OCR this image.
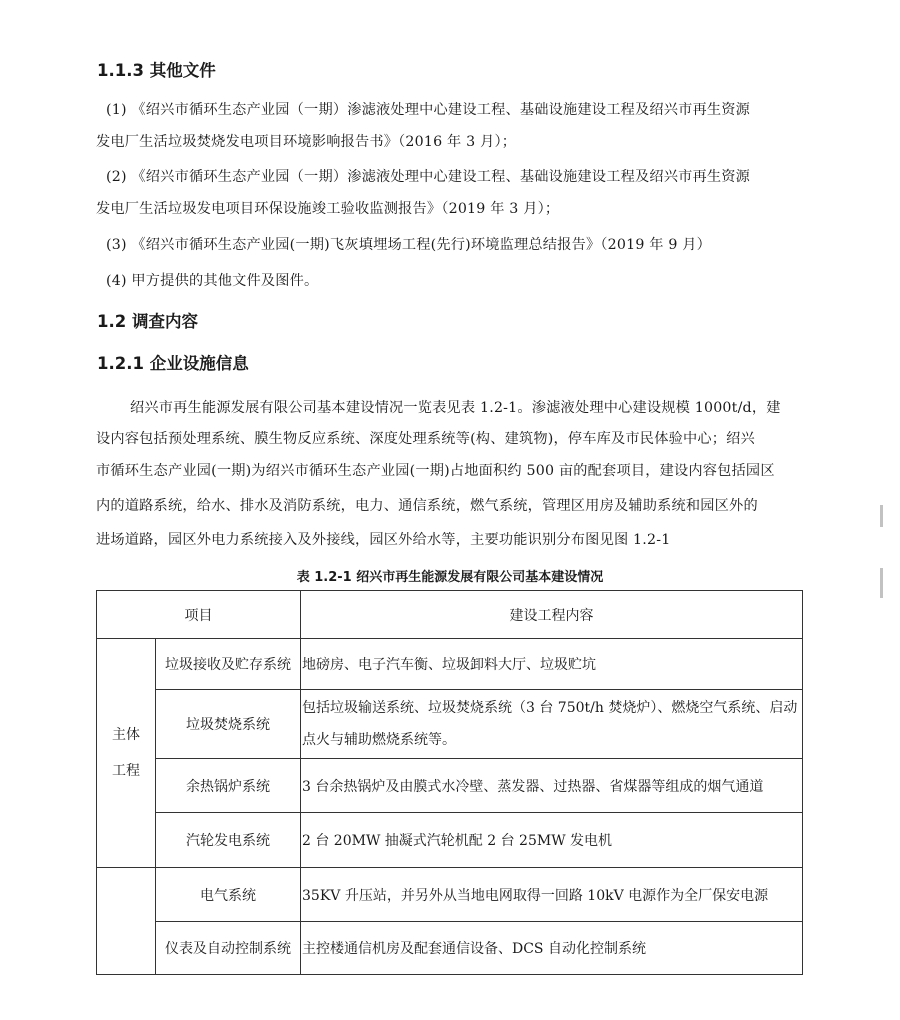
1.1.3 其他文件
(1) 《绍兴市循环生态产业园（一期）渗滤液处理中心建设工程、基础设施建设工程及绍兴市再生资源
发电厂生活垃圾焚烧发电项目环境影响报告书》（2016 年 3 月）；
(2) 《绍兴市循环生态产业园（一期）渗滤液处理中心建设工程、基础设施建设工程及绍兴市再生资源
发电厂生活垃圾发电项目环保设施竣工验收监测报告》（2019 年 3 月）；
(3) 《绍兴市循环生态产业园(一期)飞灰填埋场工程(先行)环境监理总结报告》（2019 年 9 月）
(4) 甲方提供的其他文件及图件。
1.2 调查内容
1.2.1 企业设施信息
绍兴市再生能源发展有限公司基本建设情况一览表见表 1.2-1。渗滤液处理中心建设规模 1000t/d，建
设内容包括预处理系统、膜生物反应系统、深度处理系统等(构、建筑物)，停车库及市民体验中心；绍兴
市循环生态产业园(一期)为绍兴市循环生态产业园(一期)占地面积约 500 亩的配套项目，建设内容包括园区
内的道路系统，给水、排水及消防系统，电力、通信系统，燃气系统，管理区用房及辅助系统和园区外的
进场道路，园区外电力系统接入及外接线，园区外给水等，主要功能识别分布图见图 1.2-1
表 1.2-1 绍兴市再生能源发展有限公司基本建设情况
项目		建设工程内容

主体
工程	垃圾接收及贮存系统	地磅房、电子汽车衡、垃圾卸料大厅、垃圾贮坑
	垃圾焚烧系统	包括垃圾输送系统、垃圾焚烧系统（3 台 750t/h 焚烧炉）、燃烧空气系统、启动点火与辅助燃烧系统等。
	余热锅炉系统	3 台余热锅炉及由膜式水冷壁、蒸发器、过热器、省煤器等组成的烟气通道
	汽轮发电系统	2 台 20MW 抽凝式汽轮机配 2 台 25MW 发电机
	电气系统	35KV 升压站，并另外从当地电网取得一回路 10kV 电源作为全厂保安电源
	仪表及自动控制系统	主控楼通信机房及配套通信设备、DCS 自动化控制系统
